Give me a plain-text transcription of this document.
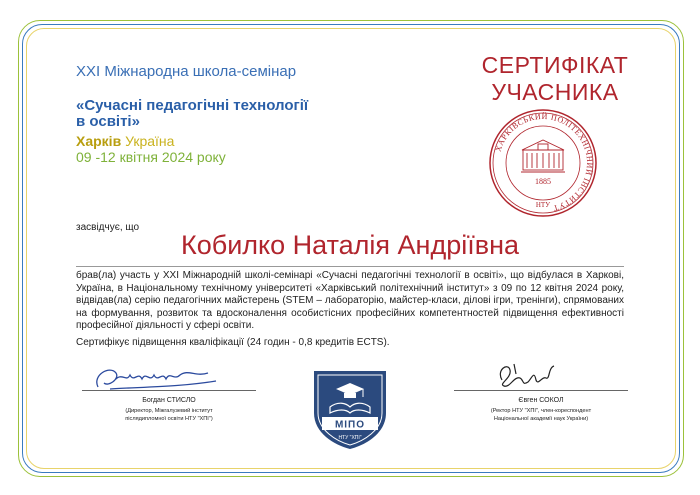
XXI Міжнародна школа-семінар
«Сучасні педагогічні технології в освіті»
Харків Україна
09 -12 квітня 2024 року
СЕРТИФІКАТ
УЧАСНИКА
ХАРКІВСЬКИЙ ПОЛІТЕХНІЧНИЙ ІНСТИТУТ
1885
НТУ
засвідчує, що
Кобилко Наталія Андріївна
брав(ла) участь у XXI Міжнародній школі-семінарі «Сучасні педагогічні технології в освіті», що відбулася в Харкові, Україна, в Національному технічному університеті «Харківський політехнічний інститут» з 09 по 12 квітня 2024 року, відвідав(ла) серію педагогічних майстерень (STEM – лабораторію, майстер-класи, ділові ігри, тренінги), спрямованих на формування, розвиток та вдосконалення особистісних професійних компетентностей підвищення ефективності професійної діяльності у сфері освіти.
Сертифікує підвищення кваліфікації (24 годин - 0,8 кредитів ECTS).
Богдан СТИСЛО
(Директор, Міжгалузевий інститут
післядипломної освіти НТУ "ХПІ")
Євген СОКОЛ
(Ректор НТУ "ХПІ", член-кореспондент
Національної академії наук України)
МІПО
НТУ "ХПІ"
